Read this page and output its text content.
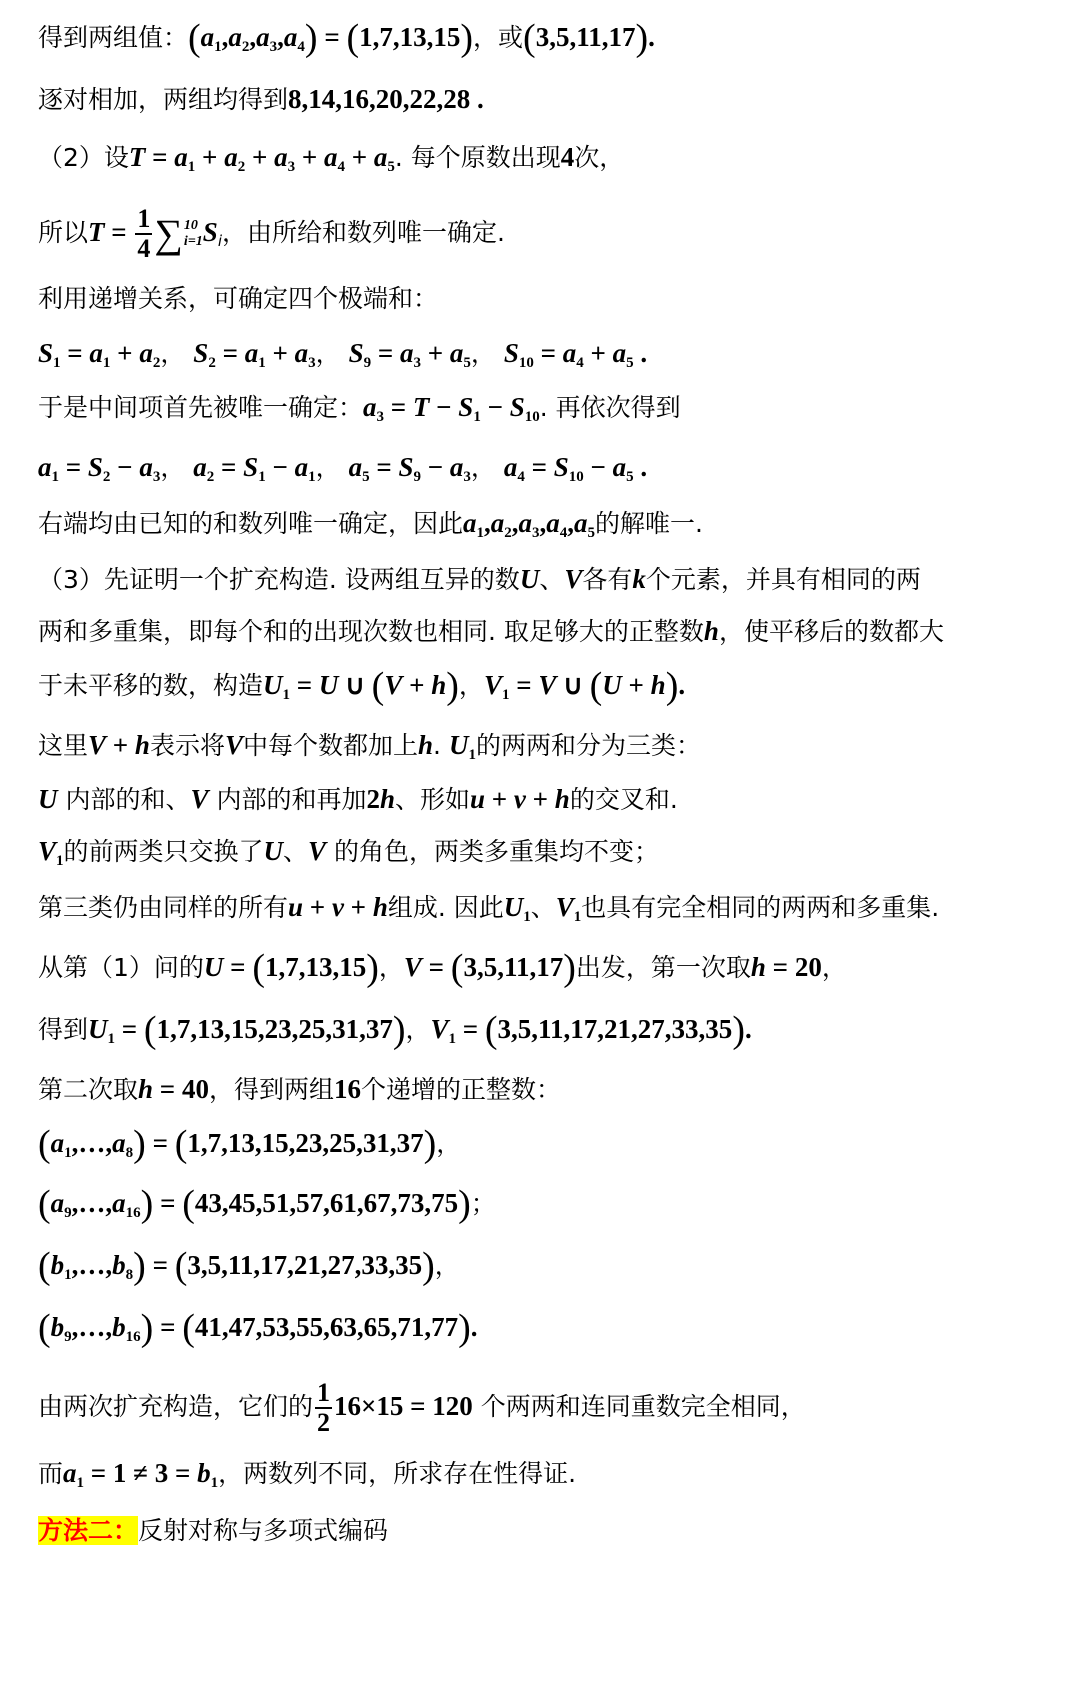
得到两组值：$(a_1,a_2,a_3,a_4) = (1,7,13,15)$，或(3,5,11,17).
逐对相加，两组均得到8,14,16,20,22,28 .
（2）设$T = a_1 + a_2 + a_3 + a_4 + a_5$. 每个原数出现4次，
所以$T = \frac{1}{4}$ ∑ 10
i=1 $S_i$，由所给和数列唯一确定.
利用递增关系，可确定四个极端和：
$S_1 = a_1 + a_2$， $S_2 = a_1 + a_3$， $S_9 = a_3 + a_5$， $S_{10} = a_4 + a_5$ .
于是中间项首先被唯一确定：$a_3 = T - S_1 - S_{10}$. 再依次得到
$a_1 = S_2 - a_3$， $a_2 = S_1 - a_1$， $a_5 = S_9 - a_3$， $a_4 = S_{10} - a_5$ .
右端均由已知的和数列唯一确定，因此$a_1,a_2,a_3,a_4,a_5$的解唯一.
（3）先证明一个扩充构造. 设两组互异的数U、V各有k个元素，并具有相同的两
两和多重集，即每个和的出现次数也相同. 取足够大的正整数h，使平移后的数都大
于未平移的数，构造$U_1 = U$ ∪ (V + h)，$V_1 = V$ ∪ (U + h).
这里V + h表示将V中每个数都加上h. $U_1$的两两和分为三类：
U 内部的和、V 内部的和再加2h、形如u + v + h的交叉和.
$V_1$的前两类只交换了U、V 的角色，两类多重集均不变；
第三类仍由同样的所有u + v + h组成. 因此$U_1$、$V_1$也具有完全相同的两两和多重集.
从第（1）问的U = (1,7,13,15)，V = (3,5,11,17)出发，第一次取h = 20，
得到$U_1 = (1,7,13,15,23,25,31,37)$，$V_1 = (3,5,11,17,21,27,33,35)$.
第二次取h = 40，得到两组16个递增的正整数：
$(a_1,\dots,a_8) = (1,7,13,15,23,25,31,37)$，
$(a_9,\dots,a_{16}) = (43,45,51,57,61,67,73,75)$；
$(b_1,\dots,b_8) = (3,5,11,17,21,27,33,35)$，
$(b_9,\dots,b_{16}) = (41,47,53,55,63,65,71,77)$.
由两次扩充构造，它们的 $\frac{1}{2} 16\times 15 = 120$ 个两两和连同重数完全相同，
而$a_1 = 1 \ne 3 = b_1$，两数列不同，所求存在性得证.
方法二：反射对称与多项式编码
